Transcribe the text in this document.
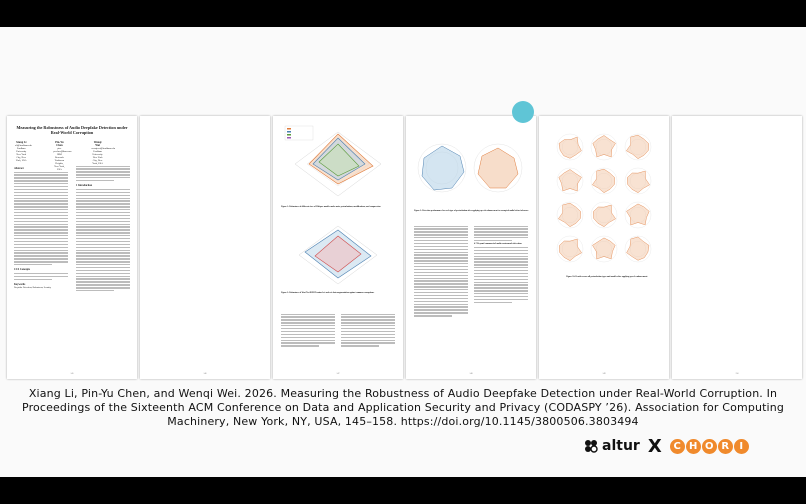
Measuring the Robustness of Audio Deepfake Detection under Real-World Corruption
Xiang Li
xli@fordham.edu
Fordham University
New York City, New York, USA
Pin-Yu Chen
pin-yu.chen@ibm.com
IBM Research
Yorktown Heights, New York, USA
Wenqi Wei
wenqiwei@fordham.edu
Fordham University
New York City, New York, USA
Abstract
CCS Concepts
Keywords
Deepfake Detection; Robustness; Security
1 Introduction
145	146
Figure 1: Robustness of different sizes of Whisper models under noise perturbations, modifications, and compression
Figure 2: Robustness of Wav2Vec2BERT trained w/ and w/o data augmentation against common corruptions.
147
Figure 3: Detection performance for each type of perturbation after applying speech enhancement to corrupted audio before inference.
4.7 Beyond commercial audio watermark detection
148
Figure 10: Results across all perturbation types and models after applying speech enhancement.
149	150
Xiang Li, Pin-Yu Chen, and Wenqi Wei. 2026. Measuring the Robustness of Audio Deepfake Detection under Real-World Corruption. In Proceedings of the Sixteenth ACM Conference on Data and Application Security and Privacy (CODASPY ’26). Association for Computing Machinery, New York, NY, USA, 145–158. https://doi.org/10.1145/3800506.3803494
altur X	C H O R	I
